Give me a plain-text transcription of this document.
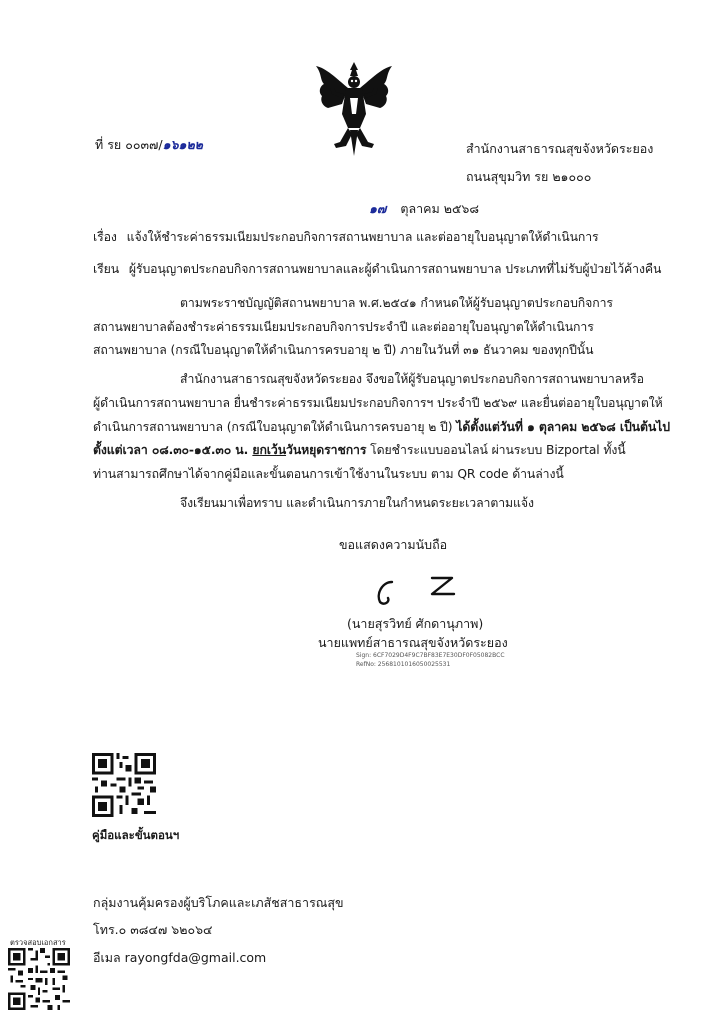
ที่ รย ๐๐๓๗/๑๖๑๒๒	สำนักงานสาธารณสุขจังหวัดระยอง
ถนนสุขุมวิท รย ๒๑๐๐๐
๑๗ ตุลาคม ๒๕๖๘
เรื่อง แจ้งให้ชำระค่าธรรมเนียมประกอบกิจการสถานพยาบาล และต่ออายุใบอนุญาตให้ดำเนินการ
เรียน ผู้รับอนุญาตประกอบกิจการสถานพยาบาลและผู้ดำเนินการสถานพยาบาล ประเภทที่ไม่รับผู้ป่วยไว้ค้างคืน
ตามพระราชบัญญัติสถานพยาบาล พ.ศ.๒๕๔๑ กำหนดให้ผู้รับอนุญาตประกอบกิจการ
สถานพยาบาลต้องชำระค่าธรรมเนียมประกอบกิจการประจำปี และต่ออายุใบอนุญาตให้ดำเนินการ
สถานพยาบาล (กรณีใบอนุญาตให้ดำเนินการครบอายุ ๒ ปี) ภายในวันที่ ๓๑ ธันวาคม ของทุกปีนั้น
สำนักงานสาธารณสุขจังหวัดระยอง จึงขอให้ผู้รับอนุญาตประกอบกิจการสถานพยาบาลหรือ
ผู้ดำเนินการสถานพยาบาล ยื่นชำระค่าธรรมเนียมประกอบกิจการฯ ประจำปี ๒๕๖๙ และยื่นต่ออายุใบอนุญาตให้
ดำเนินการสถานพยาบาล (กรณีใบอนุญาตให้ดำเนินการครบอายุ ๒ ปี) ได้ตั้งแต่วันที่ ๑ ตุลาคม ๒๕๖๘ เป็นต้นไป
ตั้งแต่เวลา ๐๘.๓๐-๑๕.๓๐ น. ยกเว้นวันหยุดราชการ โดยชำระแบบออนไลน์ ผ่านระบบ Bizportal ทั้งนี้
ท่านสามารถศึกษาได้จากคู่มือและขั้นตอนการเข้าใช้งานในระบบ ตาม QR code ด้านล่างนี้
จึงเรียนมาเพื่อทราบ และดำเนินการภายในกำหนดระยะเวลาตามแจ้ง
ขอแสดงความนับถือ
(นายสุรวิทย์ ศักดานุภาพ)
นายแพทย์สาธารณสุขจังหวัดระยอง
Sign: 6CF7029D4F9C7BF83E7E30DF0F05082BCC
RefNo: 2568101016050025531
คู่มือและขั้นตอนฯ
กลุ่มงานคุ้มครองผู้บริโภคและเภสัชสาธารณสุข
โทร.๐ ๓๘๔๗ ๖๒๐๖๔
อีเมล rayongfda@gmail.com
ตรวจสอบเอกสาร
